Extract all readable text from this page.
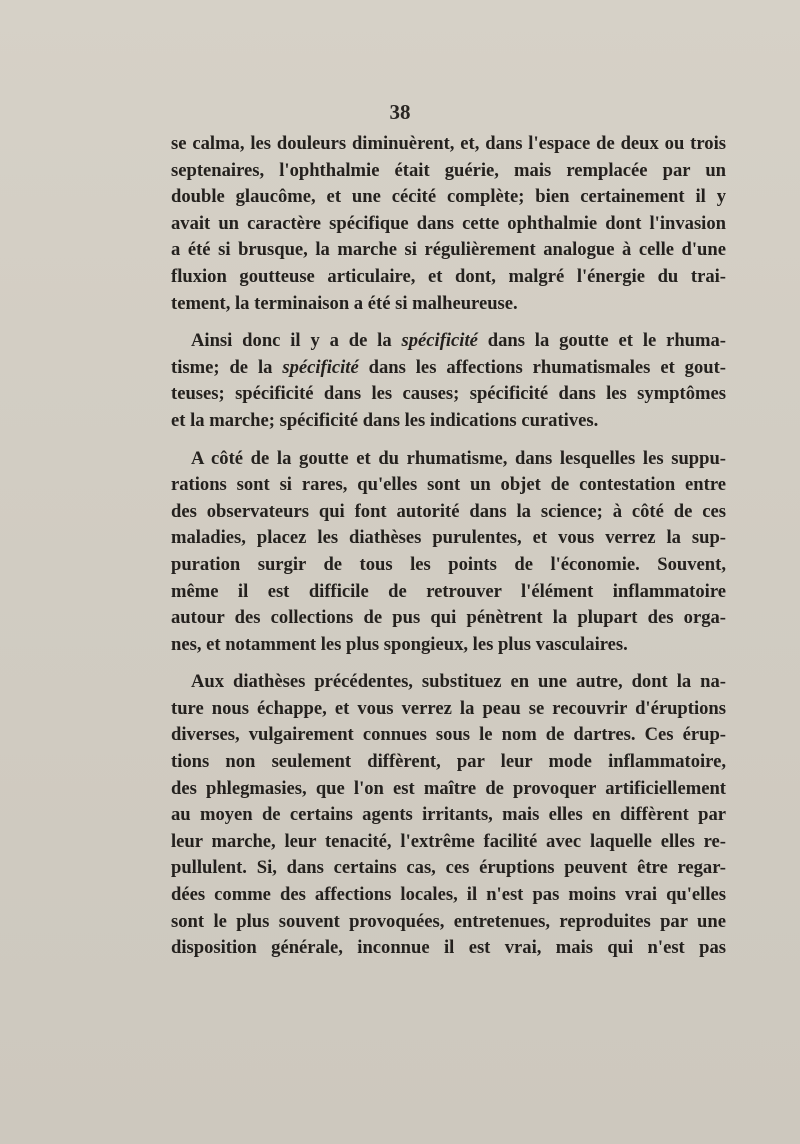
38
se calma, les douleurs diminuèrent, et, dans l'espace de deux ou trois
septenaires, l'ophthalmie était guérie, mais remplacée par un
double glaucôme, et une cécité complète; bien certainement il y
avait un caractère spécifique dans cette ophthalmie dont l'invasion
a été si brusque, la marche si régulièrement analogue à celle d'une
fluxion goutteuse articulaire, et dont, malgré l'énergie du trai-
tement, la terminaison a été si malheureuse.
Ainsi donc il y a de la spécificité dans la goutte et le rhuma-
tisme; de la spécificité dans les affections rhumatismales et gout-
teuses; spécificité dans les causes; spécificité dans les symptômes
et la marche; spécificité dans les indications curatives.
A côté de la goutte et du rhumatisme, dans lesquelles les suppu-
rations sont si rares, qu'elles sont un objet de contestation entre
des observateurs qui font autorité dans la science; à côté de ces
maladies, placez les diathèses purulentes, et vous verrez la sup-
puration surgir de tous les points de l'économie. Souvent,
même il est difficile de retrouver l'élément inflammatoire
autour des collections de pus qui pénètrent la plupart des orga-
nes, et notamment les plus spongieux, les plus vasculaires.
Aux diathèses précédentes, substituez en une autre, dont la na-
ture nous échappe, et vous verrez la peau se recouvrir d'éruptions
diverses, vulgairement connues sous le nom de dartres. Ces érup-
tions non seulement diffèrent, par leur mode inflammatoire,
des phlegmasies, que l'on est maître de provoquer artificiellement
au moyen de certains agents irritants, mais elles en diffèrent par
leur marche, leur tenacité, l'extrême facilité avec laquelle elles re-
pullulent. Si, dans certains cas, ces éruptions peuvent être regar-
dées comme des affections locales, il n'est pas moins vrai qu'elles
sont le plus souvent provoquées, entretenues, reproduites par une
disposition générale, inconnue il est vrai, mais qui n'est pas
